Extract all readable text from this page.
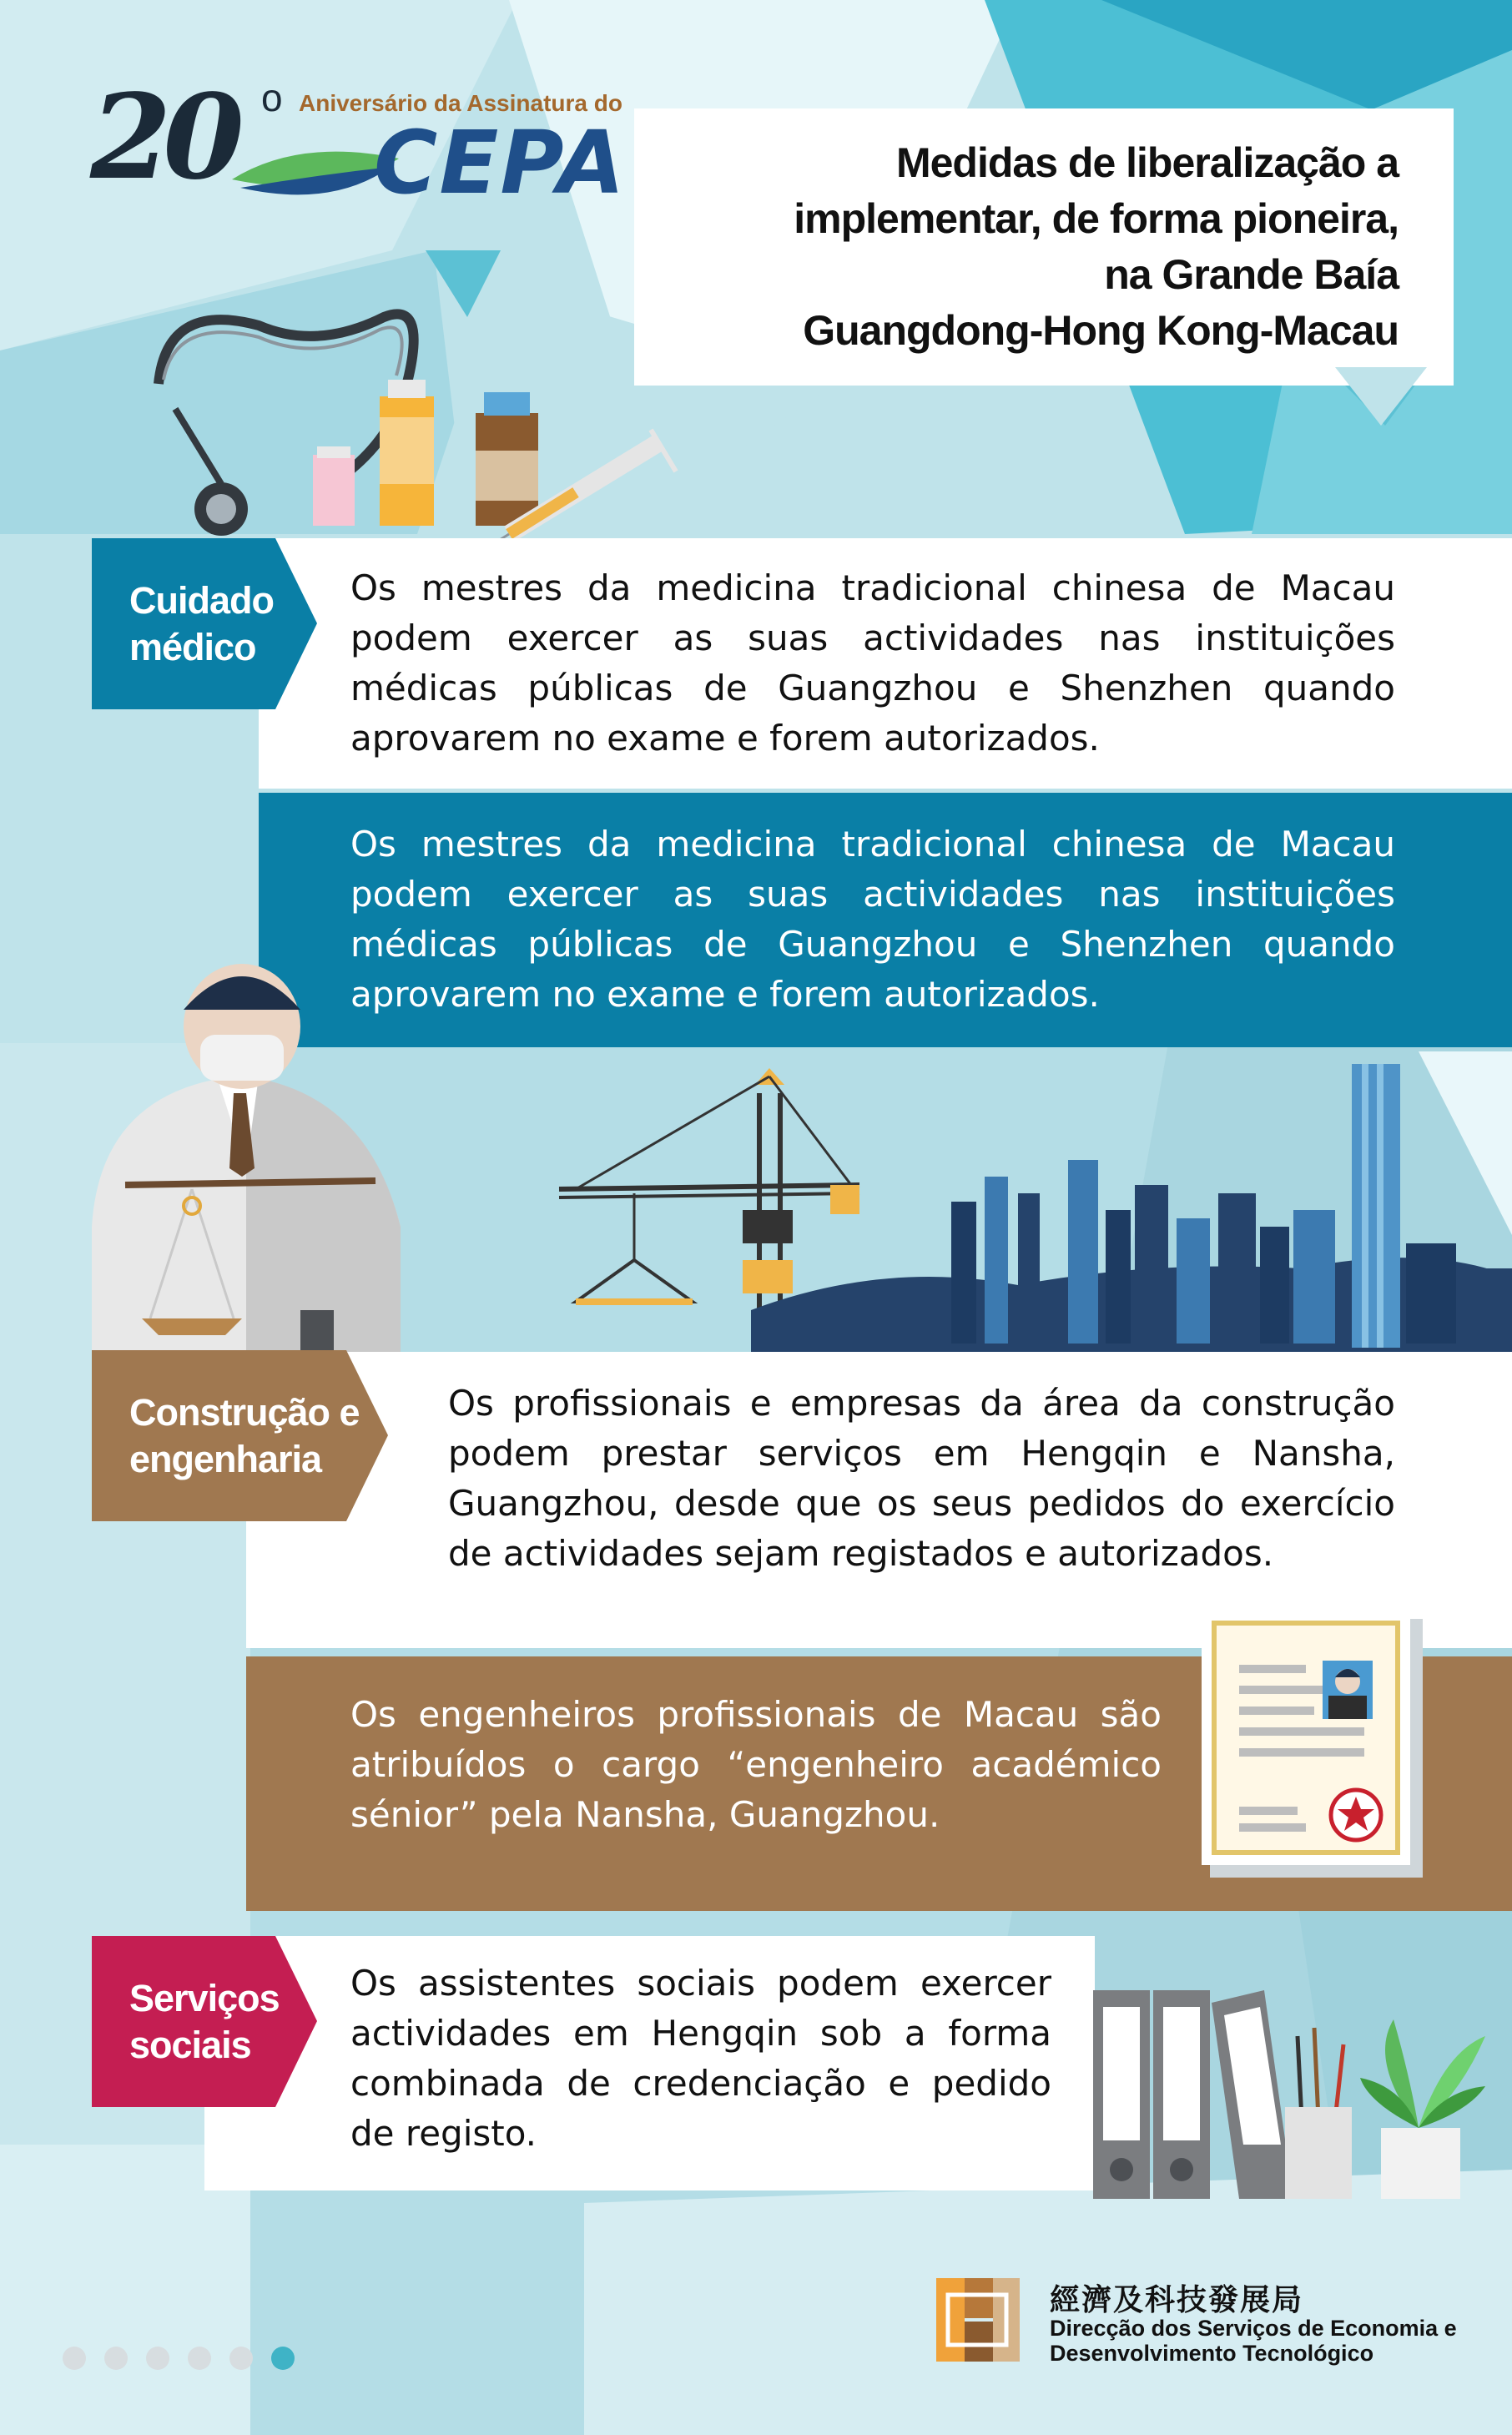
20 o Aniversário da Assinatura do
CEPA	Medidas de liberalização a
implementar, de forma pioneira,
na Grande Baía
Guangdong-Hong Kong-Macau
Os mestres da medicina tradicional chinesa de Macau podem exercer as suas actividades nas instituições médicas públicas de Guangzhou e Shenzhen quando aprovarem no exame e forem autorizados.
Os mestres da medicina tradicional chinesa de Macau podem exercer as suas actividades nas instituições médicas públicas de Guangzhou e Shenzhen quando aprovarem no exame e forem autorizados.
Cuidado
médico
Os profissionais e empresas da área da construção podem prestar serviços em Hengqin e Nansha, Guangzhou, desde que os seus pedidos do exercício de actividades sejam registados e autorizados.
Construção e
engenharia
Os engenheiros profissionais de Macau são atribuídos o cargo “engenheiro académico sénior” pela Nansha, Guangzhou.
Os assistentes sociais podem exercer actividades em Hengqin sob a forma combinada de credenciação e pedido de registo.
Serviços
sociais
經濟及科技發展局
Direcção dos Serviços de Economia e
Desenvolvimento Tecnológico
